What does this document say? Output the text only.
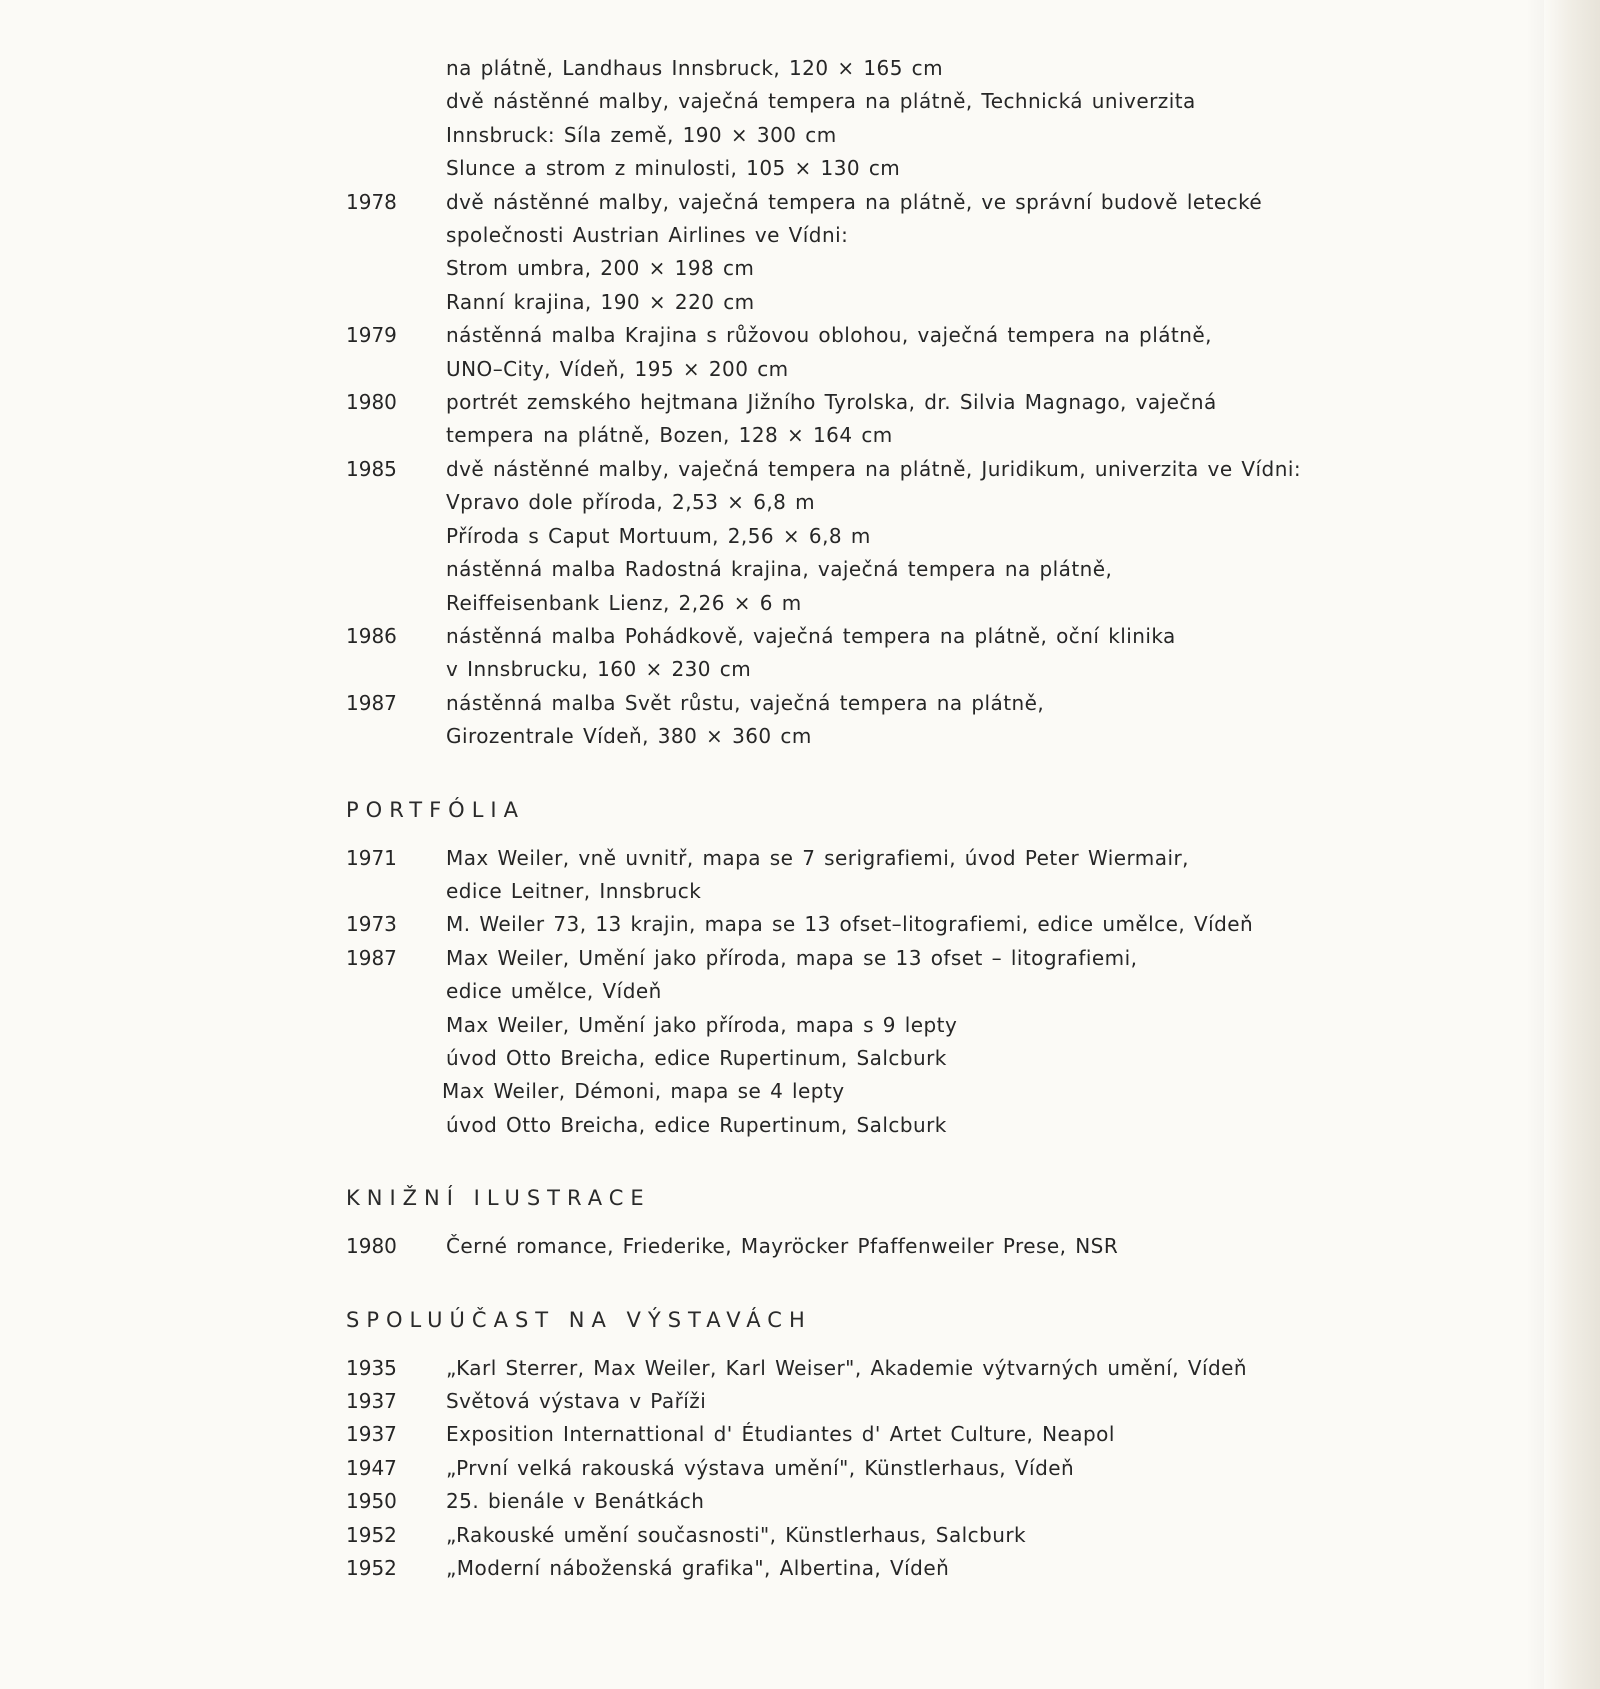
na plátně, Landhaus Innsbruck, 120 × 165 cm
dvě nástěnné malby, vaječná tempera na plátně, Technická univerzita
Innsbruck: Síla země, 190 × 300 cm
Slunce a strom z minulosti, 105 × 130 cm
1978	dvě nástěnné malby, vaječná tempera na plátně, ve správní budově letecké
společnosti Austrian Airlines ve Vídni:
Strom umbra, 200 × 198 cm
Ranní krajina, 190 × 220 cm
1979	nástěnná malba Krajina s růžovou oblohou, vaječná tempera na plátně,
UNO–City, Vídeň, 195 × 200 cm
1980	portrét zemského hejtmana Jižního Tyrolska, dr. Silvia Magnago, vaječná
tempera na plátně, Bozen, 128 × 164 cm
1985	dvě nástěnné malby, vaječná tempera na plátně, Juridikum, univerzita ve Vídni:
Vpravo dole příroda, 2,53 × 6,8 m
Příroda s Caput Mortuum, 2,56 × 6,8 m
nástěnná malba Radostná krajina, vaječná tempera na plátně,
Reiffeisenbank Lienz, 2,26 × 6 m
1986	nástěnná malba Pohádkově, vaječná tempera na plátně, oční klinika
v Innsbrucku, 160 × 230 cm
1987	nástěnná malba Svět růstu, vaječná tempera na plátně,
Girozentrale Vídeň, 380 × 360 cm
PORTFÓLIA
1971	Max Weiler, vně uvnitř, mapa se 7 serigrafiemi, úvod Peter Wiermair,
edice Leitner, Innsbruck
1973	M. Weiler 73, 13 krajin, mapa se 13 ofset–litografiemi, edice umělce, Vídeň
1987	Max Weiler, Umění jako příroda, mapa se 13 ofset – litografiemi,
edice umělce, Vídeň
Max Weiler, Umění jako příroda, mapa s 9 lepty
úvod Otto Breicha, edice Rupertinum, Salcburk
Max Weiler, Démoni, mapa se 4 lepty
úvod Otto Breicha, edice Rupertinum, Salcburk
KNIŽNÍ ILUSTRACE
1980	Černé romance, Friederike, Mayröcker Pfaffenweiler Prese, NSR
SPOLUÚČAST NA VÝSTAVÁCH
1935	„Karl Sterrer, Max Weiler, Karl Weiser", Akademie výtvarných umění, Vídeň
1937	Světová výstava v Paříži
1937	Exposition Internattional d' Étudiantes d' Artet Culture, Neapol
1947	„První velká rakouská výstava umění", Künstlerhaus, Vídeň
1950	25. bienále v Benátkách
1952	„Rakouské umění současnosti", Künstlerhaus, Salcburk
1952	„Moderní náboženská grafika", Albertina, Vídeň
